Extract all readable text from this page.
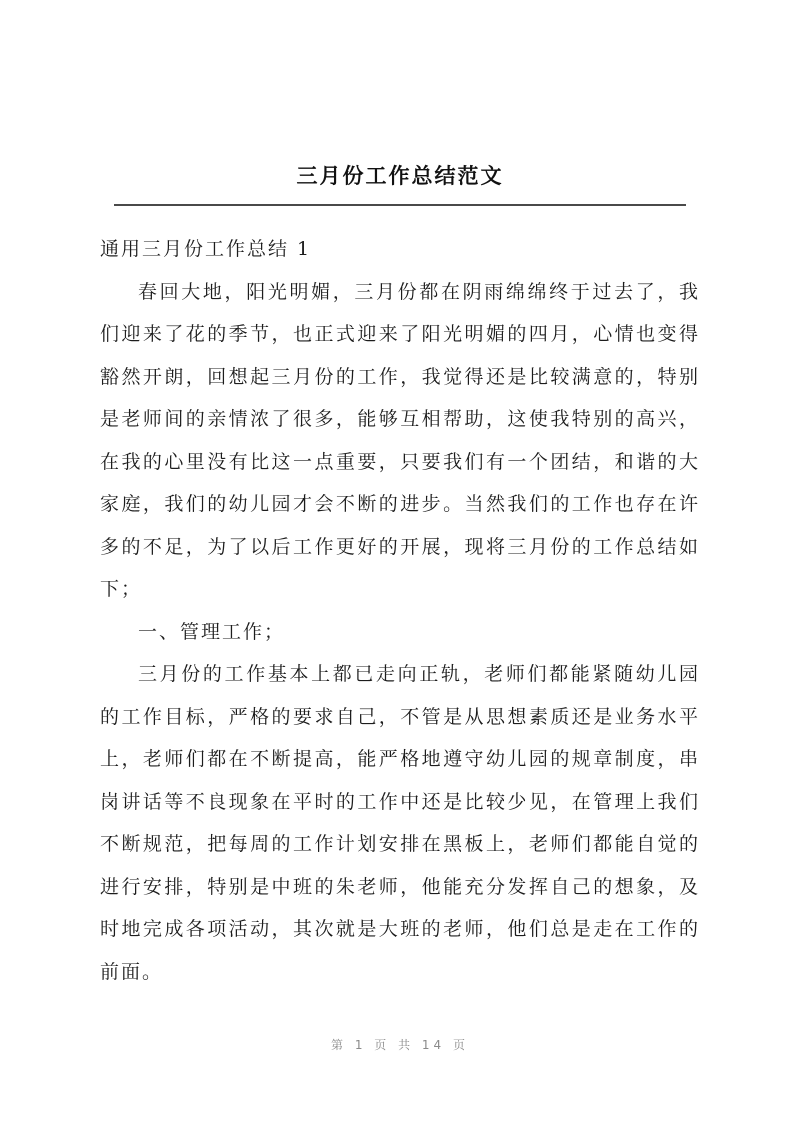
三月份工作总结范文

通用三月份工作总结 1

春回大地，阳光明媚，三月份都在阴雨绵绵终于过去了，我们迎来了花的季节，也正式迎来了阳光明媚的四月，心情也变得豁然开朗，回想起三月份的工作，我觉得还是比较满意的，特别是老师间的亲情浓了很多，能够互相帮助，这使我特别的高兴，在我的心里没有比这一点重要，只要我们有一个团结，和谐的大家庭，我们的幼儿园才会不断的进步。当然我们的工作也存在许多的不足，为了以后工作更好的开展，现将三月份的工作总结如下；

一、管理工作；

三月份的工作基本上都已走向正轨，老师们都能紧随幼儿园的工作目标，严格的要求自己，不管是从思想素质还是业务水平上，老师们都在不断提高，能严格地遵守幼儿园的规章制度，串岗讲话等不良现象在平时的工作中还是比较少见，在管理上我们不断规范，把每周的工作计划安排在黑板上，老师们都能自觉的进行安排，特别是中班的朱老师，他能充分发挥自己的想象，及时地完成各项活动，其次就是大班的老师，他们总是走在工作的前面。

第 1 页 共 14 页
